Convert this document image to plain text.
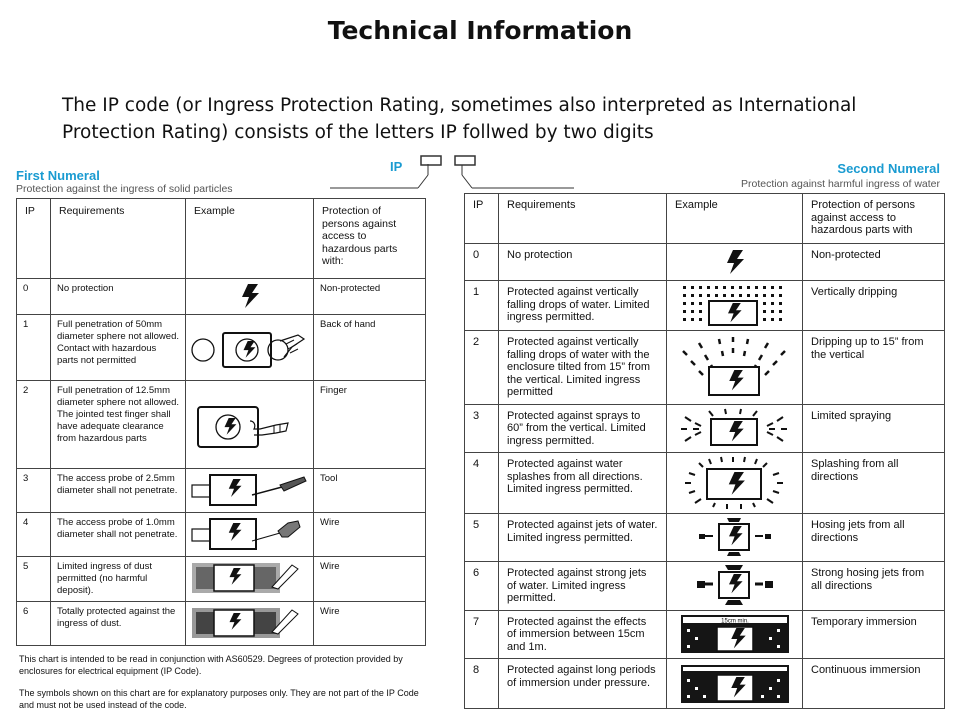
Technical Information
The IP code (or Ingress Protection Rating, sometimes also interpreted as International Protection Rating) consists of the letters IP follwed by two digits
First Numeral
Protection against the ingress of solid particles
IP	Second Numeral
Protection against harmful ingress of water
IP	Requirements	Example	Protection of persons against access to hazardous parts with:
0	No protection		Non-protected
1	Full penetration of 50mm diameter sphere not allowed. Contact with hazardous parts not permitted		Back of hand
2	Full penetration of 12.5mm diameter sphere not allowed. The jointed test finger shall have adequate clearance from hazardous parts		Finger
3	The access probe of 2.5mm diameter shall not penetrate.		Tool
4	The access probe of 1.0mm diameter shall not penetrate.		Wire
5	Limited ingress of dust permitted (no harmful deposit).		Wire
6	Totally protected against the ingress of dust.		Wire

This chart is intended to be read in conjunction with AS60529. Degrees of protection provided by enclosures for electrical equipment (IP Code).

The symbols shown on this chart are for explanatory purposes only. They are not part of the IP Code and must not be used instead of the code.

IP	Requirements	Example	Protection of persons against access to hazardous parts with
0	No protection		Non-protected
1	Protected against vertically falling drops of water. Limited ingress permitted.		Vertically dripping
2	Protected against vertically falling drops of water with the enclosure tilted from 15” from the vertical. Limited ingress permitted		Dripping up to 15” from the vertical
3	Protected against sprays to 60” from the vertical. Limited ingress permitted.		Limited spraying
4	Protected against water splashes from all directions. Limited ingress permitted.		Splashing from all directions
5	Protected against jets of water. Limited ingress permitted.		Hosing jets from all directions
6	Protected against strong jets of water. Limited ingress permitted.		Strong hosing jets from all directions
7	Protected against the effects of immersion between 15cm and 1m.	15cm min.	Temporary immersion
8	Protected against long periods of immersion under pressure.		Continuous immersion
